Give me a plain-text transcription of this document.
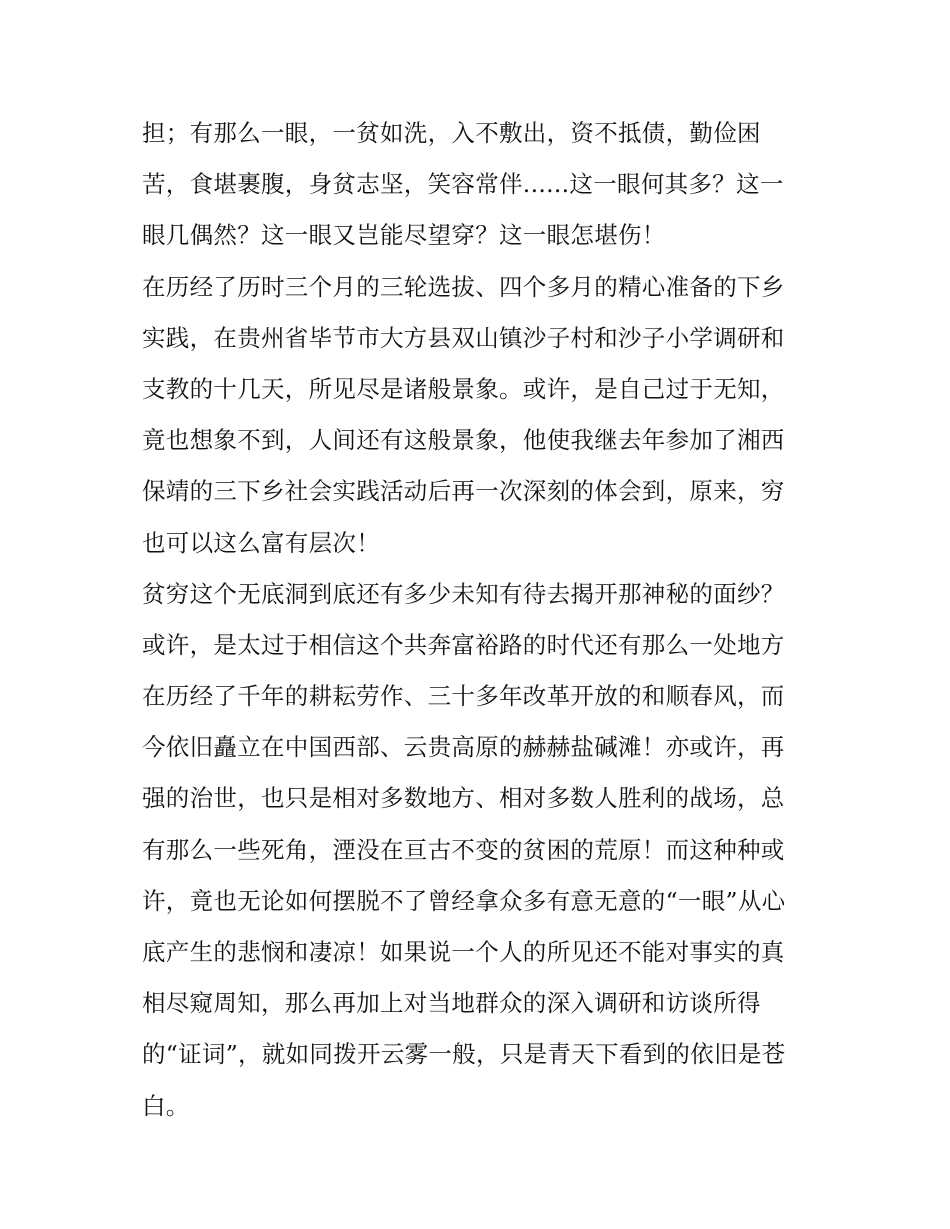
担；有那么一眼，一贫如洗，入不敷出，资不抵债，勤俭困
苦，食堪裹腹，身贫志坚，笑容常伴......这一眼何其多？这一
眼几偶然？这一眼又岂能尽望穿？这一眼怎堪伤！
在历经了历时三个月的三轮选拔、四个多月的精心准备的下乡
实践，在贵州省毕节市大方县双山镇沙子村和沙子小学调研和
支教的十几天，所见尽是诸般景象。或许，是自己过于无知，
竟也想象不到，人间还有这般景象，他使我继去年参加了湘西
保靖的三下乡社会实践活动后再一次深刻的体会到，原来，穷
也可以这么富有层次！
贫穷这个无底洞到底还有多少未知有待去揭开那神秘的面纱？
或许，是太过于相信这个共奔富裕路的时代还有那么一处地方
在历经了千年的耕耘劳作、三十多年改革开放的和顺春风，而
今依旧矗立在中国西部、云贵高原的赫赫盐碱滩！亦或许，再
强的治世，也只是相对多数地方、相对多数人胜利的战场，总
有那么一些死角，湮没在亘古不变的贫困的荒原！而这种种或
许，竟也无论如何摆脱不了曾经拿众多有意无意的“一眼”从心
底产生的悲悯和凄凉！如果说一个人的所见还不能对事实的真
相尽窥周知，那么再加上对当地群众的深入调研和访谈所得
的“证词”，就如同拨开云雾一般，只是青天下看到的依旧是苍
白。
